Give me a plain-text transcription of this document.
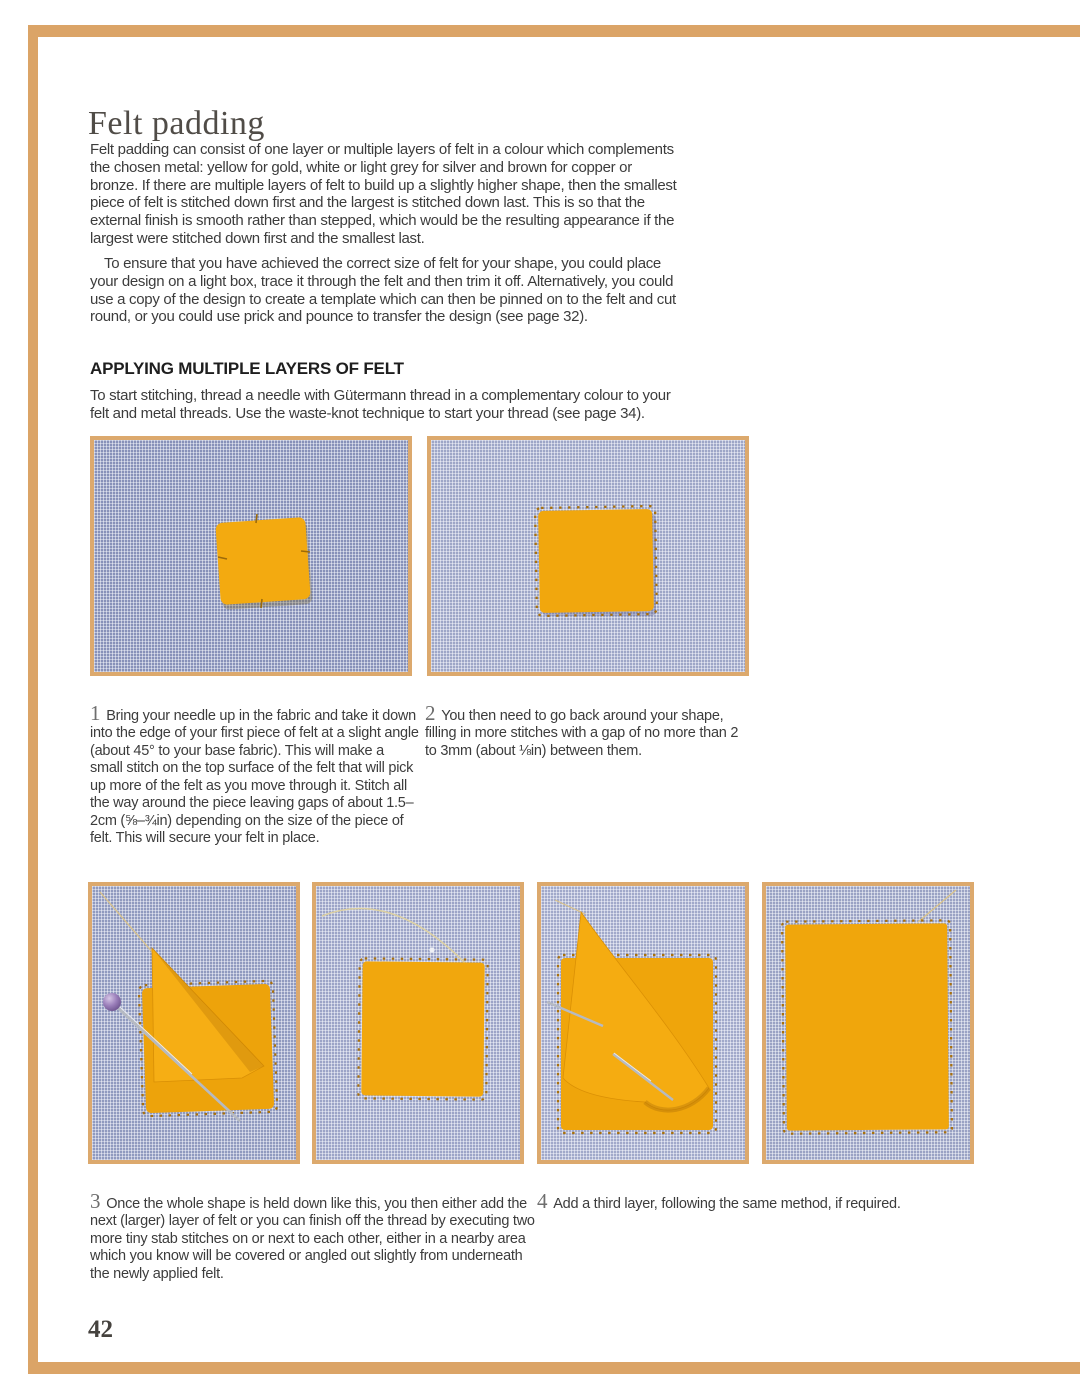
Felt padding

Felt padding can consist of one layer or multiple layers of felt in a colour which complements the chosen metal: yellow for gold, white or light grey for silver and brown for copper or bronze. If there are multiple layers of felt to build up a slightly higher shape, then the smallest piece of felt is stitched down first and the largest is stitched down last. This is so that the external finish is smooth rather than stepped, which would be the resulting appearance if the largest were stitched down first and the smallest last.

To ensure that you have achieved the correct size of felt for your shape, you could place your design on a light box, trace it through the felt and then trim it off. Alternatively, you could use a copy of the design to create a template which can then be pinned on to the felt and cut round, or you could use prick and pounce to transfer the design (see page 32).

APPLYING MULTIPLE LAYERS OF FELT

To start stitching, thread a needle with Gütermann thread in a complementary colour to your felt and metal threads. Use the waste-knot technique to start your thread (see page 34).

1 Bring your needle up in the fabric and take it down into the edge of your first piece of felt at a slight angle (about 45° to your base fabric). This will make a small stitch on the top surface of the felt that will pick up more of the felt as you move through it. Stitch all the way around the piece leaving gaps of about 1.5–2cm (⅝–¾in) depending on the size of the piece of felt. This will secure your felt in place.

2 You then need to go back around your shape, filling in more stitches with a gap of no more than 2 to 3mm (about ⅛in) between them.

3 Once the whole shape is held down like this, you then either add the next (larger) layer of felt or you can finish off the thread by executing two more tiny stab stitches on or next to each other, either in a nearby area which you know will be covered or angled out slightly from underneath the newly applied felt.

4 Add a third layer, following the same method, if required.

42
